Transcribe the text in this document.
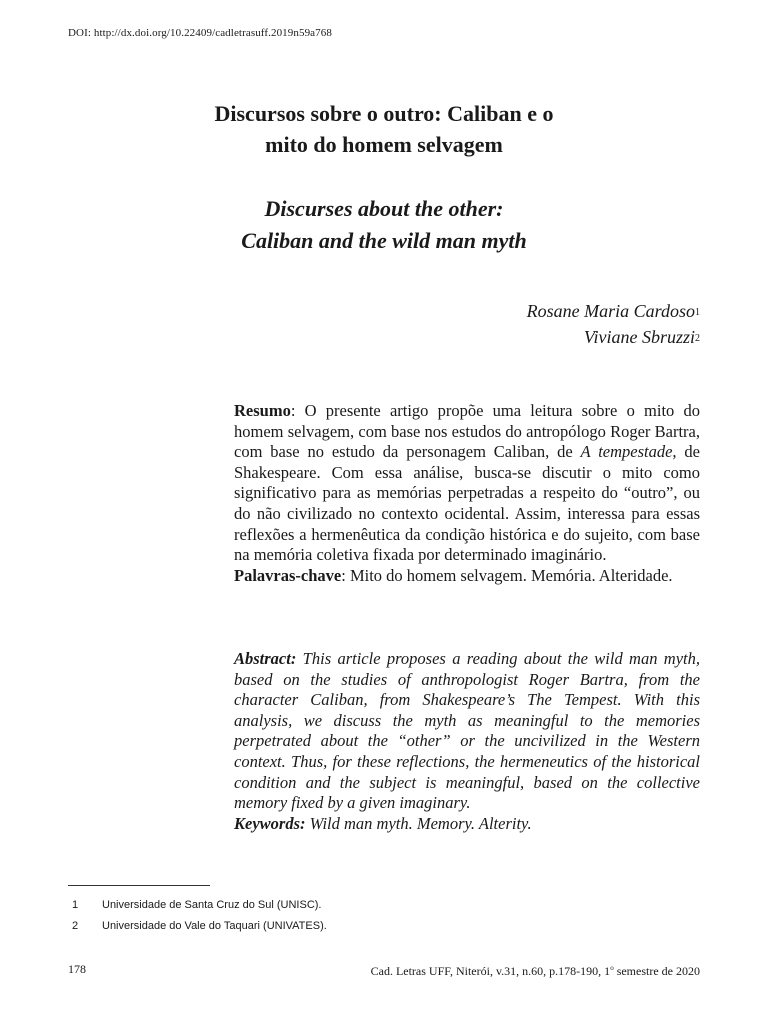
DOI: http://dx.doi.org/10.22409/cadletrasuff.2019n59a768
Discursos sobre o outro: Caliban e o
mito do homem selvagem
Discurses about the other:
Caliban and the wild man myth
Rosane Maria Cardoso$^1$
Viviane Sbruzzi$^2$

Resumo: O presente artigo propõe uma leitura sobre o mito do homem selvagem, com base nos estudos do antropólogo Roger Bartra, com base no estudo da personagem Caliban, de A tempestade, de Shakespeare. Com essa análise, busca-se discutir o mito como significativo para as memórias perpetradas a respeito do “outro”, ou do não civilizado no contexto ocidental. Assim, interessa para essas reflexões a hermenêutica da condição histórica e do sujeito, com base na memória coletiva fixada por determinado imaginário.

Palavras-chave: Mito do homem selvagem. Memória. Alteridade.

Abstract: This article proposes a reading about the wild man myth, based on the studies of anthropologist Roger Bartra, from the character Caliban, from Shakespeare’s The Tempest. With this analysis, we discuss the myth as meaningful to the memories perpetrated about the “other” or the uncivilized in the Western context. Thus, for these reflections, the hermeneutics of the historical condition and the subject is meaningful, based on the collective memory fixed by a given imaginary.

Keywords: Wild man myth. Memory. Alterity.

1	Universidade de Santa Cruz do Sul (UNISC).
2	Universidade do Vale do Taquari (UNIVATES).
178	Cad. Letras UFF, Niterói, v.31, n.60, p.178-190, 1$^o$ semestre de 2020
